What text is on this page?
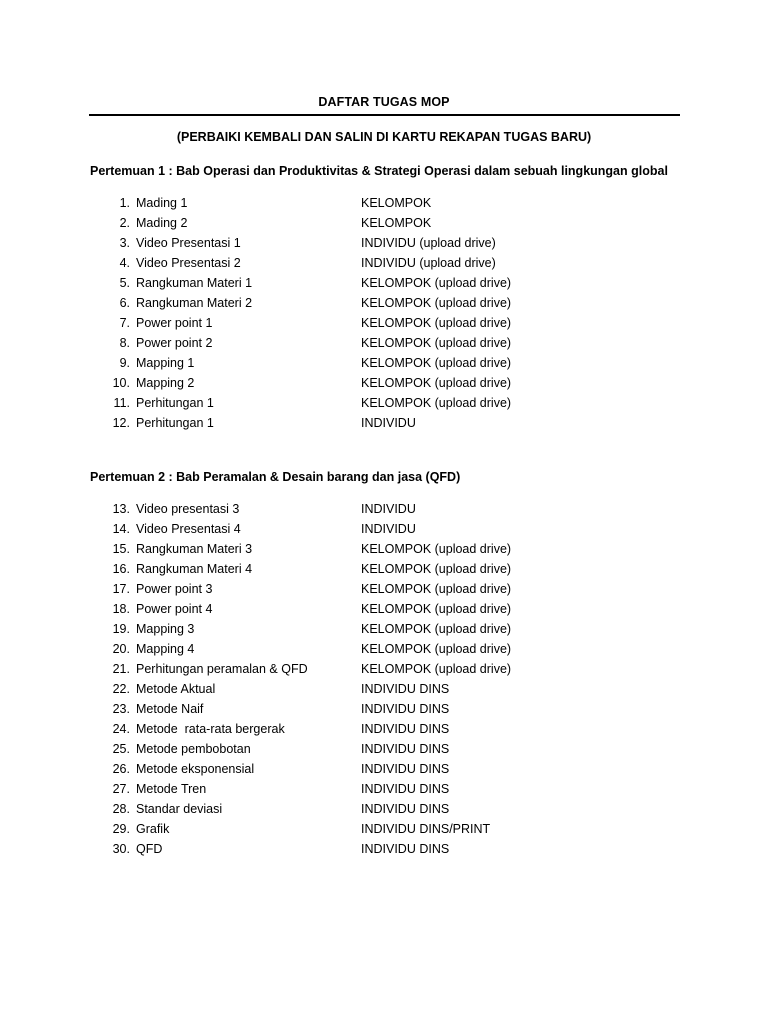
DAFTAR TUGAS MOP
(PERBAIKI KEMBALI DAN SALIN DI KARTU REKAPAN TUGAS BARU)
Pertemuan 1 : Bab Operasi dan Produktivitas & Strategi Operasi dalam sebuah lingkungan global
1. Mading 1	KELOMPOK
2. Mading 2	KELOMPOK
3. Video Presentasi 1	INDIVIDU (upload drive)
4. Video Presentasi 2	INDIVIDU (upload drive)
5. Rangkuman Materi 1	KELOMPOK (upload drive)
6. Rangkuman Materi 2	KELOMPOK (upload drive)
7. Power point 1	KELOMPOK (upload drive)
8. Power point 2	KELOMPOK (upload drive)
9. Mapping 1	KELOMPOK (upload drive)
10. Mapping 2	KELOMPOK (upload drive)
11. Perhitungan 1	KELOMPOK (upload drive)
12. Perhitungan 1	INDIVIDU
Pertemuan 2 : Bab Peramalan & Desain barang dan jasa (QFD)
13. Video presentasi 3	INDIVIDU
14. Video Presentasi 4	INDIVIDU
15. Rangkuman Materi 3	KELOMPOK (upload drive)
16. Rangkuman Materi 4	KELOMPOK (upload drive)
17. Power point 3	KELOMPOK (upload drive)
18. Power point 4	KELOMPOK (upload drive)
19. Mapping 3	KELOMPOK (upload drive)
20. Mapping 4	KELOMPOK (upload drive)
21. Perhitungan peramalan & QFD	KELOMPOK (upload drive)
22. Metode Aktual	INDIVIDU DINS
23. Metode Naif	INDIVIDU DINS
24. Metode  rata-rata bergerak	INDIVIDU DINS
25. Metode pembobotan	INDIVIDU DINS
26. Metode eksponensial	INDIVIDU DINS
27. Metode Tren	INDIVIDU DINS
28. Standar deviasi	INDIVIDU DINS
29. Grafik	INDIVIDU DINS/PRINT
30. QFD	INDIVIDU DINS
